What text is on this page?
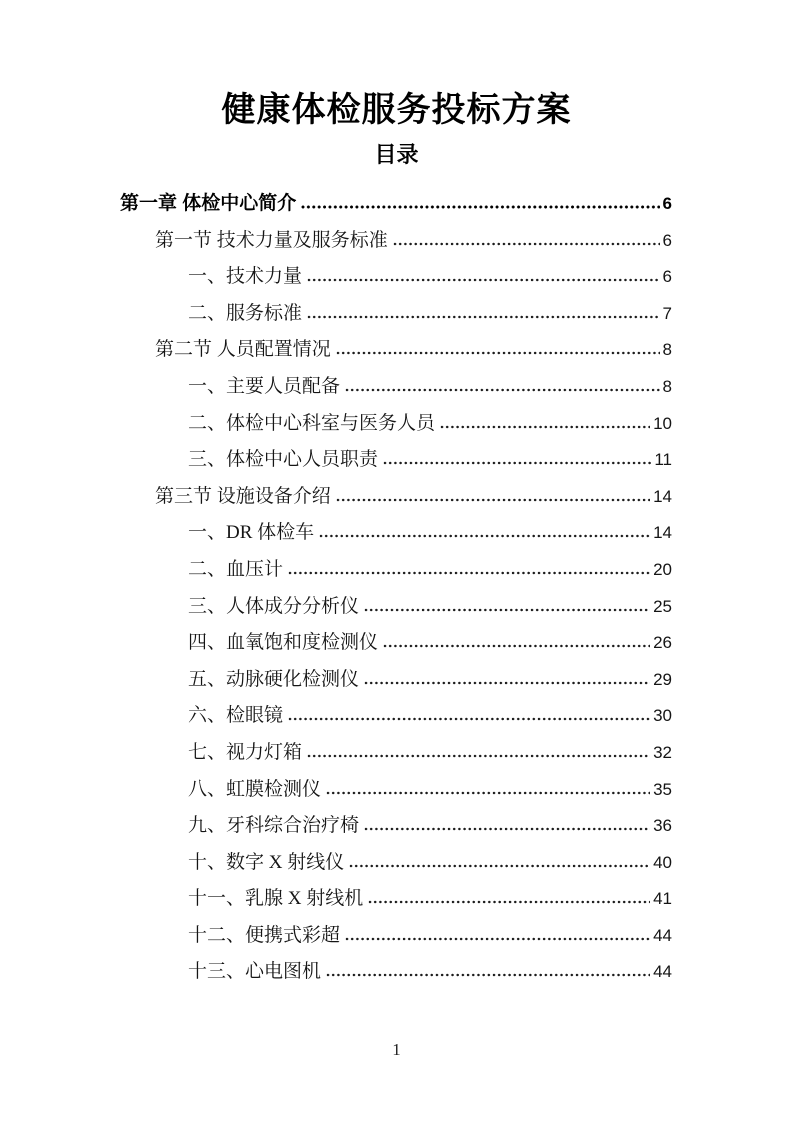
健康体检服务投标方案
目录
第一章 体检中心简介	6
第一节 技术力量及服务标准	6
一、技术力量	6
二、服务标准	7
第二节 人员配置情况	8
一、主要人员配备	8
二、体检中心科室与医务人员	10
三、体检中心人员职责	11
第三节 设施设备介绍	14
一、DR 体检车	14
二、血压计	20
三、人体成分分析仪	25
四、血氧饱和度检测仪	26
五、动脉硬化检测仪	29
六、检眼镜	30
七、视力灯箱	32
八、虹膜检测仪	35
九、牙科综合治疗椅	36
十、数字 X 射线仪	40
十一、乳腺 X 射线机	41
十二、便携式彩超	44
十三、心电图机	44
1
